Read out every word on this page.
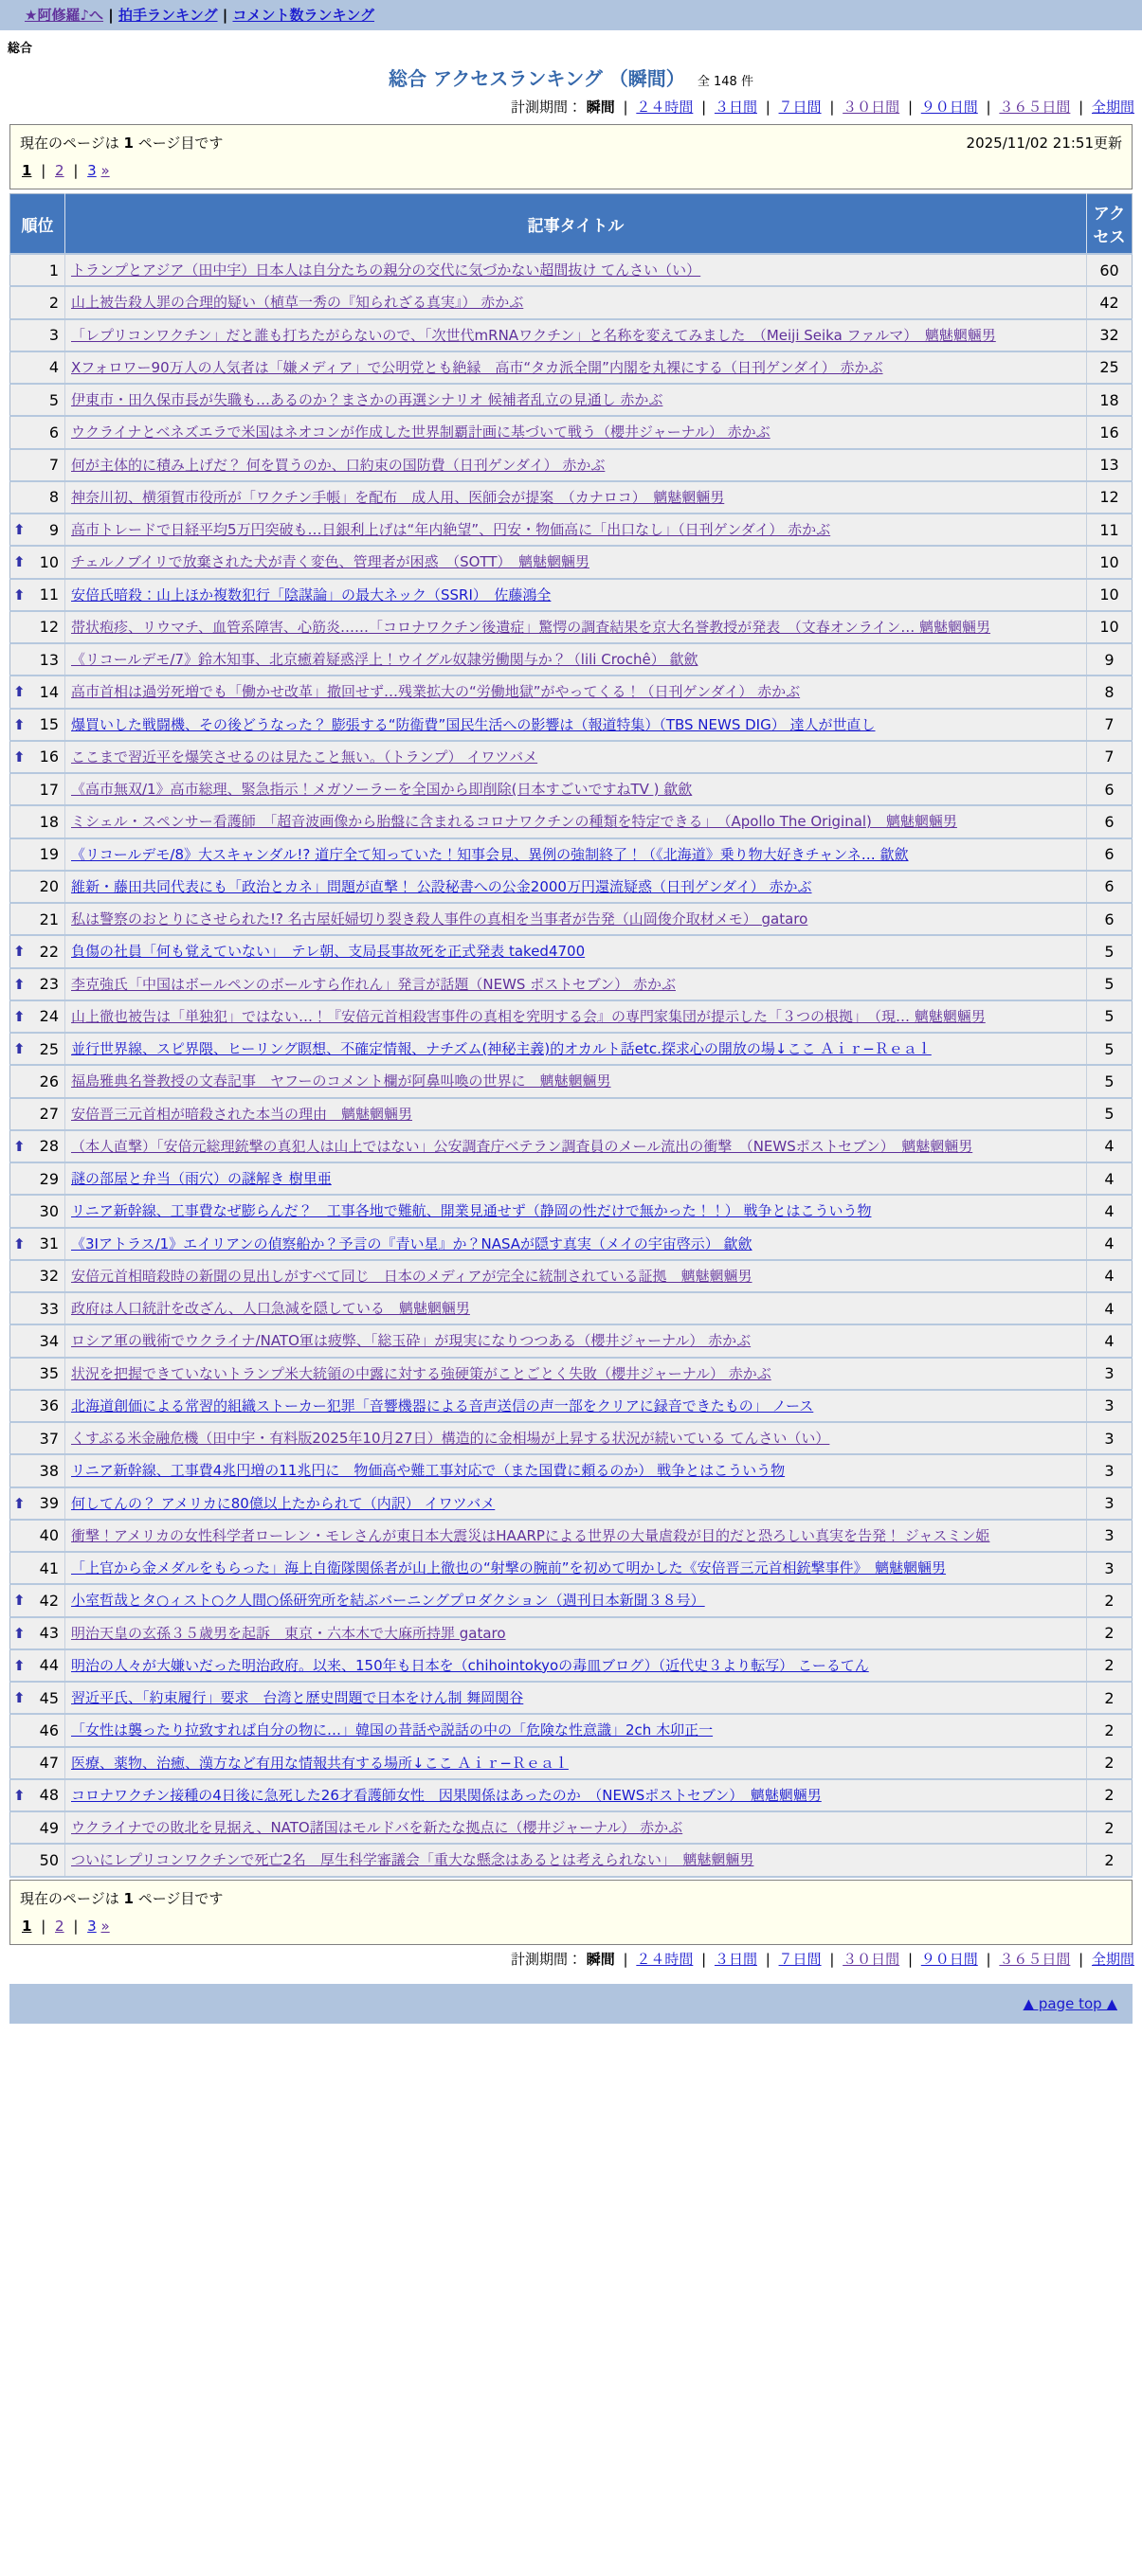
★阿修羅♪へ | 拍手ランキング | コメント数ランキング
総合
総合 アクセスランキング （瞬間） 全 148 件
計測期間： 瞬間 | ２４時間 | ３日間 | ７日間 | ３０日間 | ９０日間 | ３６５日間 | 全期間
現在のページは 1 ページ目です	2025/11/02 21:51更新
1 | 2 | 3 »
順位	記事タイトル	アクセス
1	トランプとアジア（田中宇）日本人は自分たちの親分の交代に気づかない超間抜け てんさい（い）	60
2	山上被告殺人罪の合理的疑い（植草一秀の『知られざる真実』） 赤かぶ	42
3	「レプリコンワクチン」だと誰も打ちたがらないので、「次世代mRNAワクチン」と名称を変えてみました　（Meiji Seika ファルマ）　魑魅魍魎男	32
4	Xフォロワー90万人の人気者は「嫌メディア」で公明党とも絶縁　高市“タカ派全開”内閣を丸裸にする（日刊ゲンダイ） 赤かぶ	25
5	伊東市・田久保市長が失職も…あるのか？まさかの再選シナリオ 候補者乱立の見通し 赤かぶ	18
6	ウクライナとベネズエラで米国はネオコンが作成した世界制覇計画に基づいて戦う（櫻井ジャーナル） 赤かぶ	16
7	何が主体的に積み上げだ？ 何を買うのか、口約束の国防費（日刊ゲンダイ） 赤かぶ	13
8	神奈川初、横須賀市役所が「ワクチン手帳」を配布　成人用、医師会が提案　（カナロコ）　魑魅魍魎男	12

⬆ 9	高市トレードで日経平均5万円突破も…日銀利上げは“年内絶望”、円安・物価高に「出口なし」（日刊ゲンダイ） 赤かぶ	11

⬆ 10	チェルノブイリで放棄された犬が青く変色、管理者が困惑　（SOTT）　魑魅魍魎男	10

⬆ 11	安倍氏暗殺：山上ほか複数犯行「陰謀論」の最大ネック（SSRI）　佐藤鴻全	10
12	帯状疱疹、リウマチ、血管系障害、心筋炎……「コロナワクチン後遺症」驚愕の調査結果を京大名誉教授が発表　（文春オンライン… 魑魅魍魎男	10
13	《リコールデモ/7》鈴木知事、北京癒着疑惑浮上！ウイグル奴隷労働関与か？（lili Crochê） 歙歛	9

⬆ 14	高市首相は過労死増でも「働かせ改革」撤回せず…残業拡大の“労働地獄”がやってくる！（日刊ゲンダイ） 赤かぶ	8

⬆ 15	爆買いした戦闘機、その後どうなった？ 膨張する“防衛費”国民生活への影響は（報道特集）（TBS NEWS DIG） 達人が世直し	7

⬆ 16	ここまで習近平を爆笑させるのは見たこと無い。（トランプ） イワツバメ	7
17	《高市無双/1》高市総理、緊急指示！メガソーラーを全国から即削除(日本すごいですねTV ) 歙歛	6
18	ミシェル・スペンサー看護師　「超音波画像から胎盤に含まれるコロナワクチンの種類を特定できる」　（Apollo The Original)　魑魅魍魎男	6
19	《リコールデモ/8》大スキャンダル!? 道庁全て知っていた！知事会見、異例の強制終了！（《北海道》乗り物大好きチャンネ… 歙歛	6
20	維新・藤田共同代表にも「政治とカネ」問題が直撃！ 公設秘書への公金2000万円還流疑惑（日刊ゲンダイ） 赤かぶ	6
21	私は警察のおとりにさせられた!? 名古屋妊婦切り裂き殺人事件の真相を当事者が告発（山岡俊介取材メモ） gataro	6

⬆ 22	負傷の社員「何も覚えていない」　テレ朝、支局長事故死を正式発表 taked4700	5

⬆ 23	李克強氏「中国はボールペンのボールすら作れん」発言が話題（NEWS ポストセブン） 赤かぶ	5

⬆ 24	山上徹也被告は「単独犯」ではない…！『安倍元首相殺害事件の真相を究明する会』の専門家集団が提示した「３つの根拠」　（現… 魑魅魍魎男	5

⬆ 25	並行世界線、スピ界隈、ヒーリング瞑想、不確定情報、ナチズム(神秘主義)的オカルト話etc.探求心の開放の場↓ここ Ａｉｒ−Ｒｅａｌ	5
26	福島雅典名誉教授の文春記事　ヤフーのコメント欄が阿鼻叫喚の世界に　魑魅魍魎男	5
27	安倍晋三元首相が暗殺された本当の理由　魑魅魍魎男	5

⬆ 28	（本人直撃）「安倍元総理銃撃の真犯人は山上ではない」公安調査庁ベテラン調査員のメール流出の衝撃　（NEWSポストセブン）　魑魅魍魎男	4
29	謎の部屋と弁当（雨穴）の謎解き 樹里亜	4
30	リニア新幹線、工事費なぜ膨らんだ？　工事各地で難航、開業見通せず（静岡の性だけで無かった！！） 戦争とはこういう物	4

⬆ 31	《3Iアトラス/1》エイリアンの偵察船か？予言の『青い星』か？NASAが隠す真実（メイの宇宙啓示） 歙歛	4
32	安倍元首相暗殺時の新聞の見出しがすべて同じ　日本のメディアが完全に統制されている証拠　魑魅魍魎男	4
33	政府は人口統計を改ざん、人口急減を隠している　魑魅魍魎男	4
34	ロシア軍の戦術でウクライナ/NATO軍は疲弊、「総玉砕」が現実になりつつある（櫻井ジャーナル） 赤かぶ	4
35	状況を把握できていないトランプ米大統領の中露に対する強硬策がことごとく失敗（櫻井ジャーナル） 赤かぶ	3
36	北海道創価による常習的組織ストーカー犯罪「音響機器による音声送信の声一部をクリアに録音できたもの」 ノース	3
37	くすぶる米金融危機（田中宇・有料版2025年10月27日）構造的に金相場が上昇する状況が続いている てんさい（い）	3
38	リニア新幹線、工事費4兆円増の11兆円に　物価高や難工事対応で（また国費に頼るのか） 戦争とはこういう物	3

⬆ 39	何してんの？ アメリカに80億以上たかられて（内訳） イワツバメ	3
40	衝撃！アメリカの女性科学者ローレン・モレさんが東日本大震災はHAARPによる世界の大量虐殺が目的だと恐ろしい真実を告発！ ジャスミン姫	3
41	「上官から金メダルをもらった」海上自衛隊関係者が山上徹也の“射撃の腕前”を初めて明かした《安倍晋三元首相銃撃事件》　魑魅魍魎男	3

⬆ 42	小室哲哉とタ○ィスト○ク人間○係研究所を結ぶバーニングプロダクション（週刊日本新聞３８号）	2

⬆ 43	明治天皇の玄孫３５歳男を起訴　東京・六本木で大麻所持罪 gataro	2

⬆ 44	明治の人々が大嫌いだった明治政府。以来、150年も日本を（chihointokyoの毒皿ブログ）（近代史３より転写） こーるてん	2

⬆ 45	習近平氏、「約束履行」要求　台湾と歴史問題で日本をけん制 舞岡関谷	2
46	「女性は襲ったり拉致すれば自分の物に…」韓国の昔話や説話の中の「危険な性意識」2ch 木卯正一	2
47	医療、薬物、治癒、漢方など有用な情報共有する場所↓ここ Ａｉｒ−Ｒｅａｌ	2

⬆ 48	コロナワクチン接種の4日後に急死した26才看護師女性　因果関係はあったのか　（NEWSポストセブン）　魑魅魍魎男	2
49	ウクライナでの敗北を見据え、NATO諸国はモルドバを新たな拠点に（櫻井ジャーナル） 赤かぶ	2
50	ついにレプリコンワクチンで死亡2名　厚生科学審議会「重大な懸念はあるとは考えられない」　魑魅魍魎男	2
現在のページは 1 ページ目です
1 | 2 | 3 »
計測期間： 瞬間 | ２４時間 | ３日間 | ７日間 | ３０日間 | ９０日間 | ３６５日間 | 全期間
▲ page top ▲
